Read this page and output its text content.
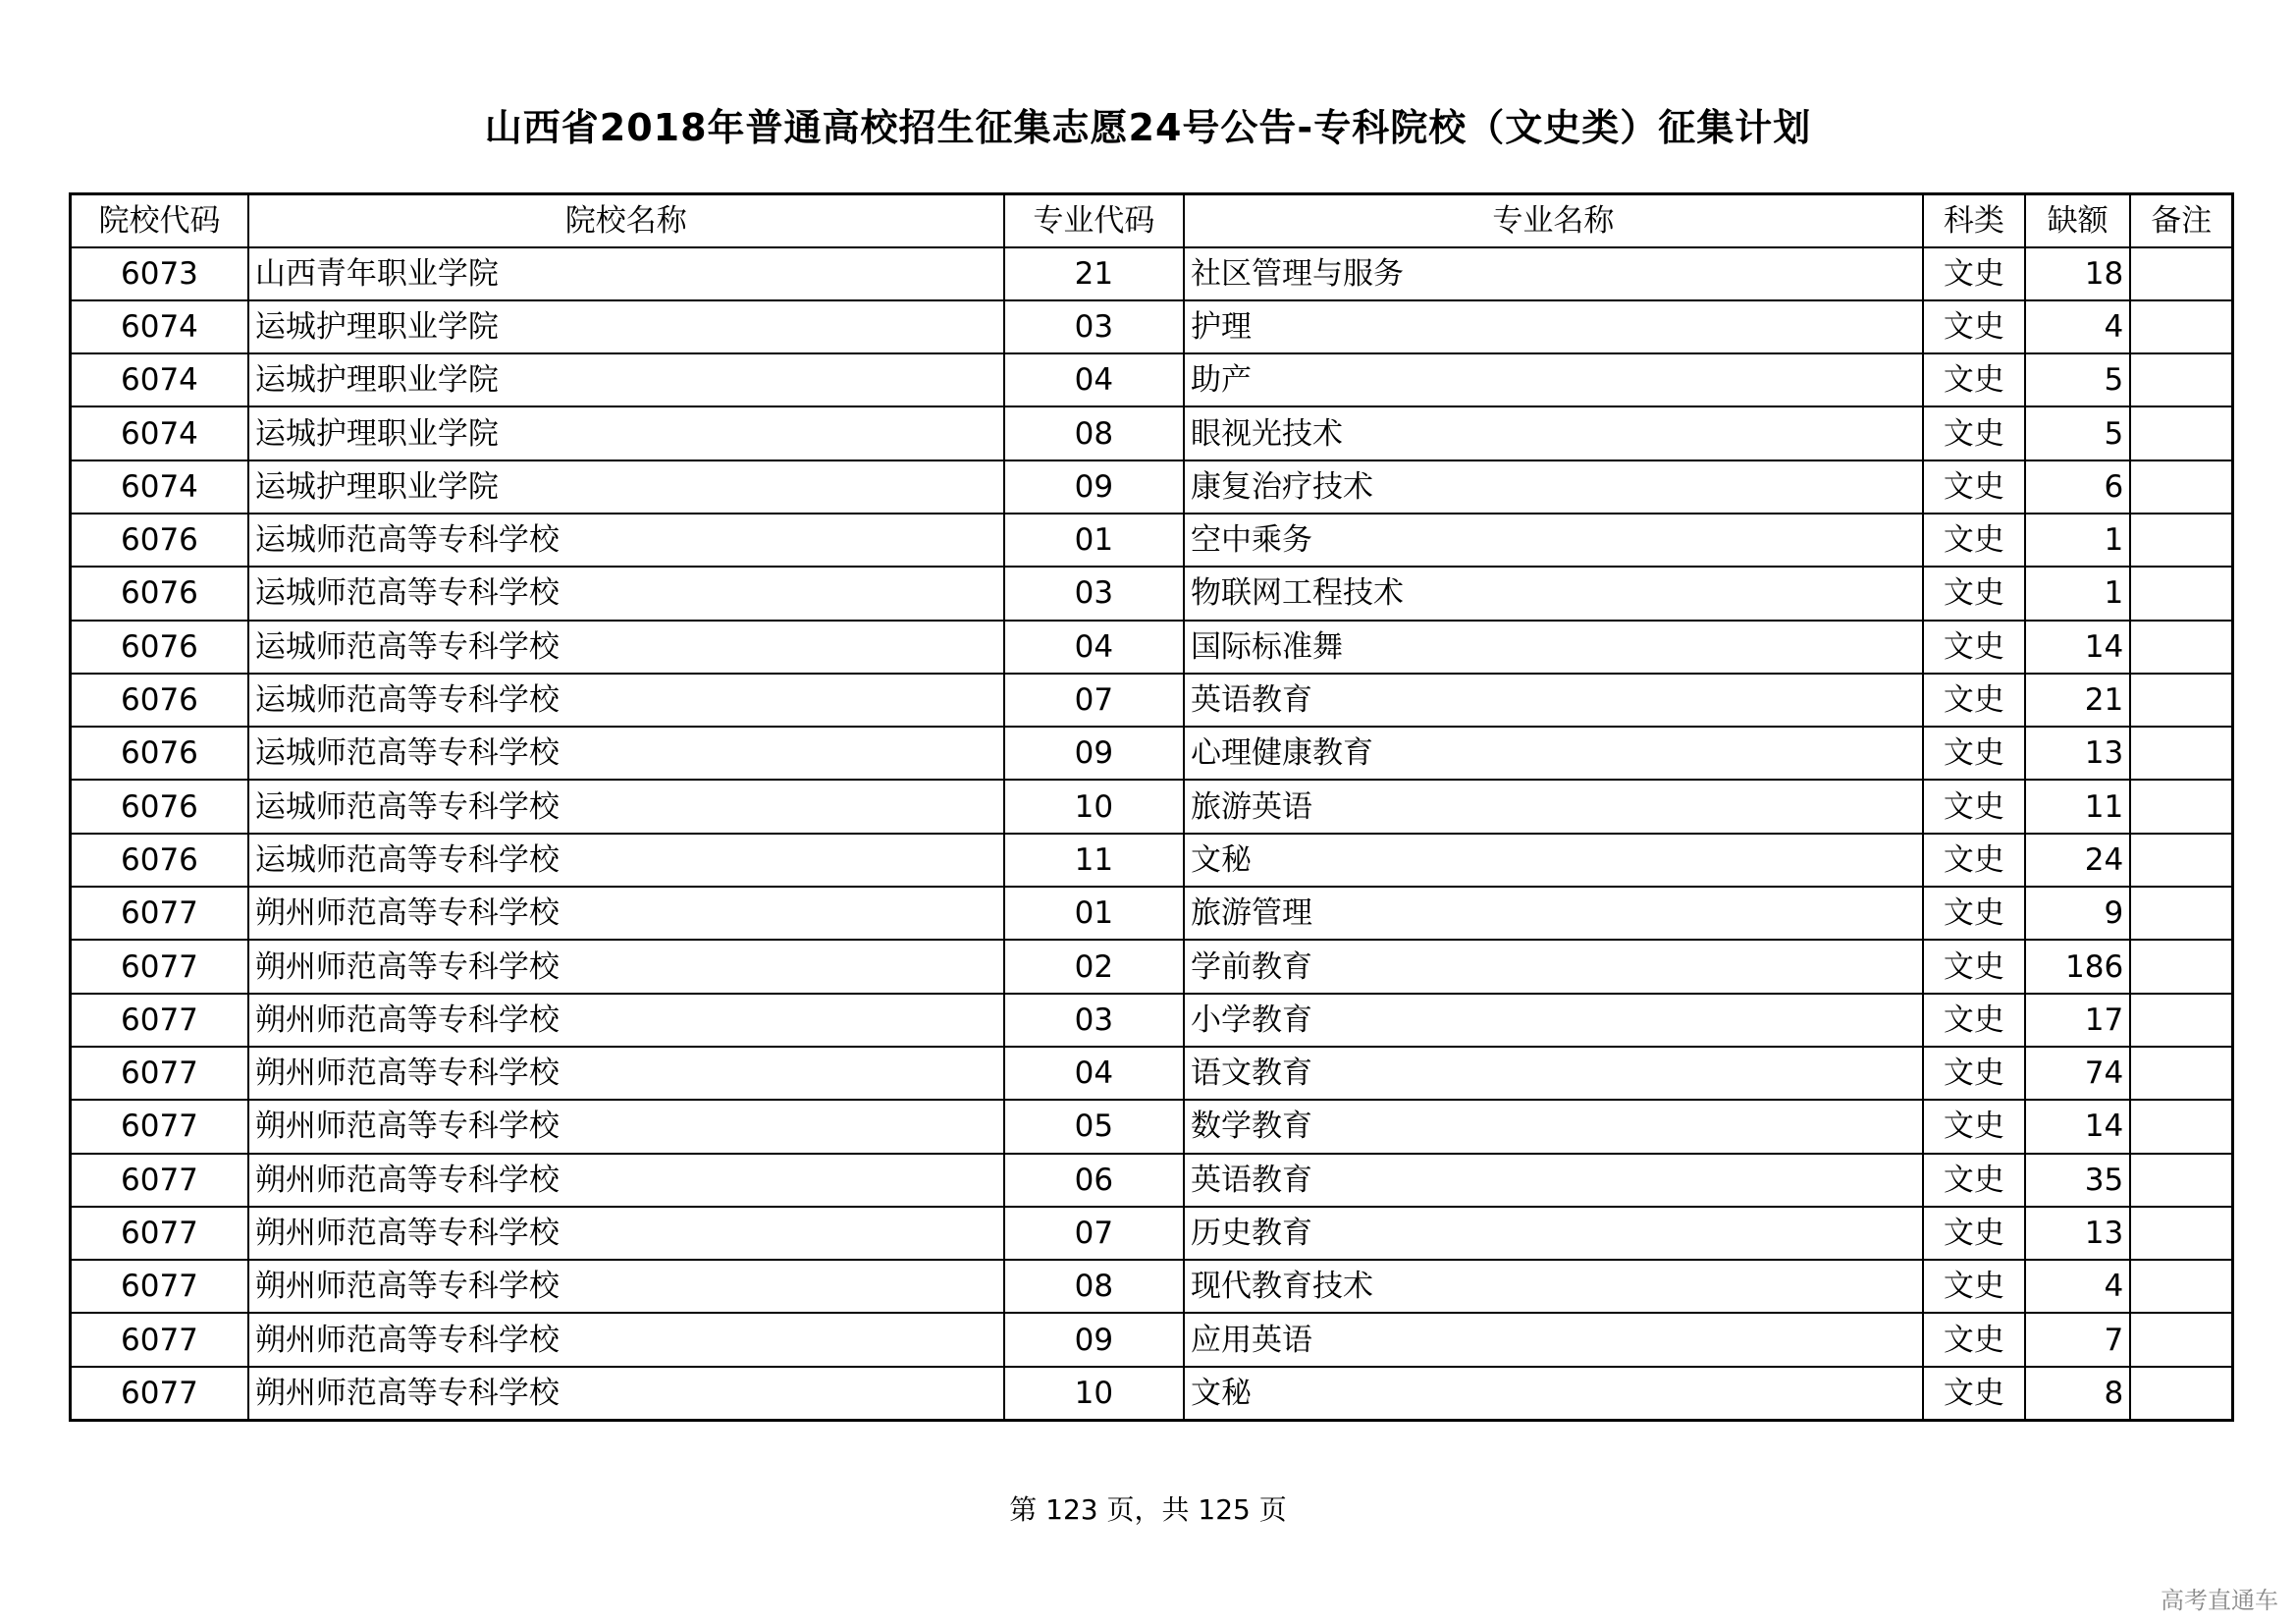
山西省2018年普通高校招生征集志愿24号公告-专科院校（文史类）征集计划
院校代码	院校名称	专业代码	专业名称	科类	缺额	备注
6073	山西青年职业学院	21	社区管理与服务	文史	18	
6074	运城护理职业学院	03	护理	文史	4	
6074	运城护理职业学院	04	助产	文史	5	
6074	运城护理职业学院	08	眼视光技术	文史	5	
6074	运城护理职业学院	09	康复治疗技术	文史	6	
6076	运城师范高等专科学校	01	空中乘务	文史	1	
6076	运城师范高等专科学校	03	物联网工程技术	文史	1	
6076	运城师范高等专科学校	04	国际标准舞	文史	14	
6076	运城师范高等专科学校	07	英语教育	文史	21	
6076	运城师范高等专科学校	09	心理健康教育	文史	13	
6076	运城师范高等专科学校	10	旅游英语	文史	11	
6076	运城师范高等专科学校	11	文秘	文史	24	
6077	朔州师范高等专科学校	01	旅游管理	文史	9	
6077	朔州师范高等专科学校	02	学前教育	文史	186	
6077	朔州师范高等专科学校	03	小学教育	文史	17	
6077	朔州师范高等专科学校	04	语文教育	文史	74	
6077	朔州师范高等专科学校	05	数学教育	文史	14	
6077	朔州师范高等专科学校	06	英语教育	文史	35	
6077	朔州师范高等专科学校	07	历史教育	文史	13	
6077	朔州师范高等专科学校	08	现代教育技术	文史	4	
6077	朔州师范高等专科学校	09	应用英语	文史	7	
6077	朔州师范高等专科学校	10	文秘	文史	8	
第 123 页，共 125 页
高考直通车
